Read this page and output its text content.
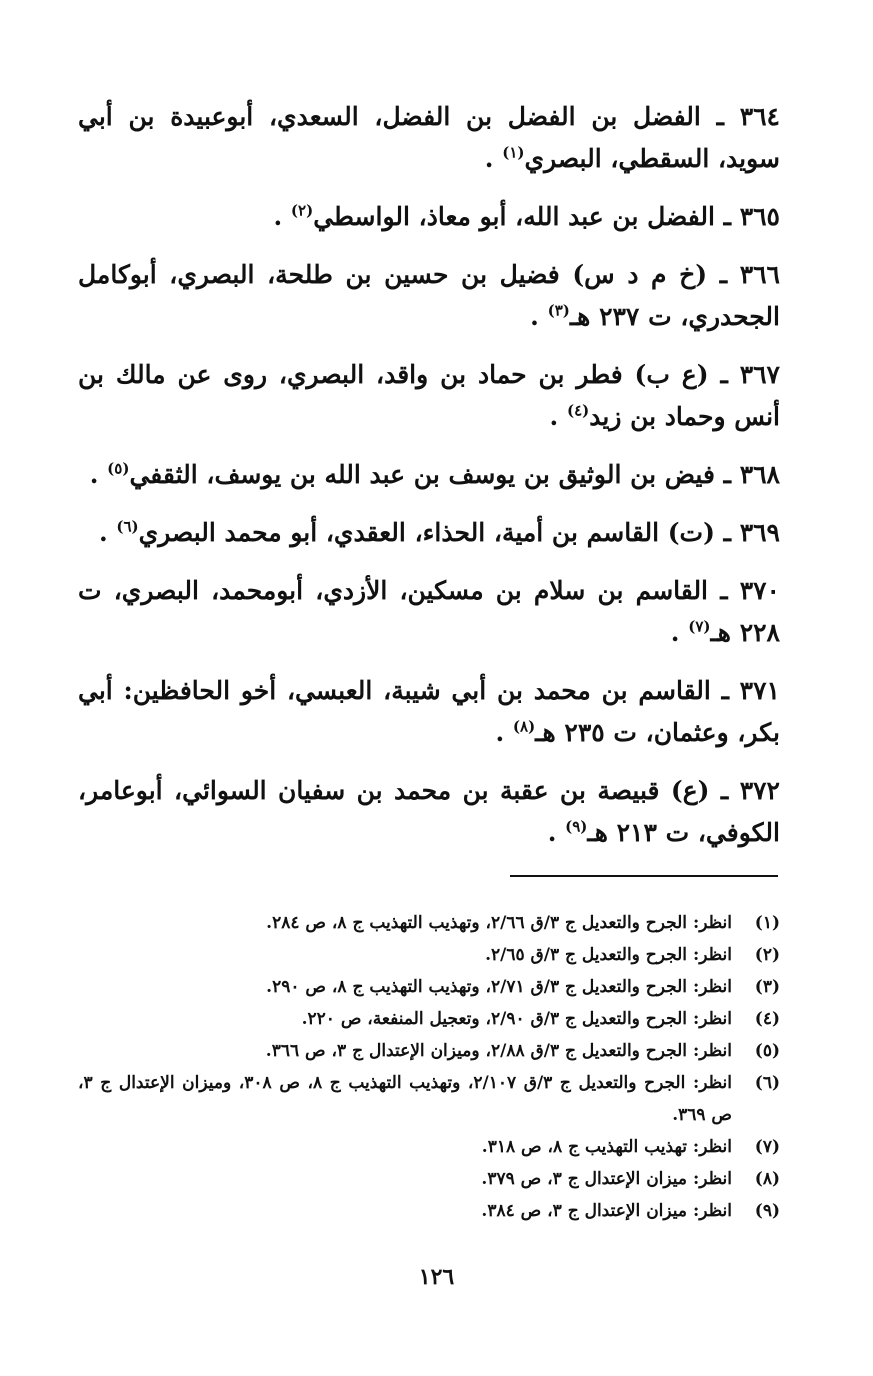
٣٦٤ ـ الفضل بن الفضل بن الفضل، السعدي، أبوعبيدة بن أبي سويد، السقطي، البصري$^{(١)}$ .

٣٦٥ ـ الفضل بن عبد الله، أبو معاذ، الواسطي$^{(٢)}$ .

٣٦٦ ـ (خ م د س) فضيل بن حسين بن طلحة، البصري، أبوكامل الجحدري، ت ٢٣٧ هـ$^{(٣)}$ .

٣٦٧ ـ (ع ب) فطر بن حماد بن واقد، البصري، روى عن مالك بن أنس وحماد بن زيد$^{(٤)}$ .

٣٦٨ ـ فيض بن الوثيق بن يوسف بن عبد الله بن يوسف، الثقفي$^{(٥)}$ .

٣٦٩ ـ (ت) القاسم بن أمية، الحذاء، العقدي، أبو محمد البصري$^{(٦)}$ .

٣٧٠ ـ القاسم بن سلام بن مسكين، الأزدي، أبومحمد، البصري، ت ٢٢٨ هـ$^{(٧)}$ .

٣٧١ ـ القاسم بن محمد بن أبي شيبة، العبسي، أخو الحافظين: أبي بكر، وعثمان، ت ٢٣٥ هـ$^{(٨)}$ .

٣٧٢ ـ (ع) قبيصة بن عقبة بن محمد بن سفيان السوائي، أبوعامر، الكوفي، ت ٢١٣ هـ$^{(٩)}$ .

(١)
انظر: الجرح والتعديل ج ٣/ق ٢/٦٦، وتهذيب التهذيب ج ٨، ص ٢٨٤.
(٢)
انظر: الجرح والتعديل ج ٣/ق ٢/٦٥.
(٣)
انظر: الجرح والتعديل ج ٣/ق ٢/٧١، وتهذيب التهذيب ج ٨، ص ٢٩٠.
(٤)
انظر: الجرح والتعديل ج ٣/ق ٢/٩٠، وتعجيل المنفعة، ص ٢٢٠.
(٥)
انظر: الجرح والتعديل ج ٣/ق ٢/٨٨، وميزان الإعتدال ج ٣، ص ٣٦٦.
(٦)
انظر: الجرح والتعديل ج ٣/ق ٢/١٠٧، وتهذيب التهذيب ج ٨، ص ٣٠٨، وميزان الإعتدال ج ٣، ص ٣٦٩.
(٧)
انظر: تهذيب التهذيب ج ٨، ص ٣١٨.
(٨)
انظر: ميزان الإعتدال ج ٣، ص ٣٧٩.
(٩)
انظر: ميزان الإعتدال ج ٣، ص ٣٨٤.
١٢٦
